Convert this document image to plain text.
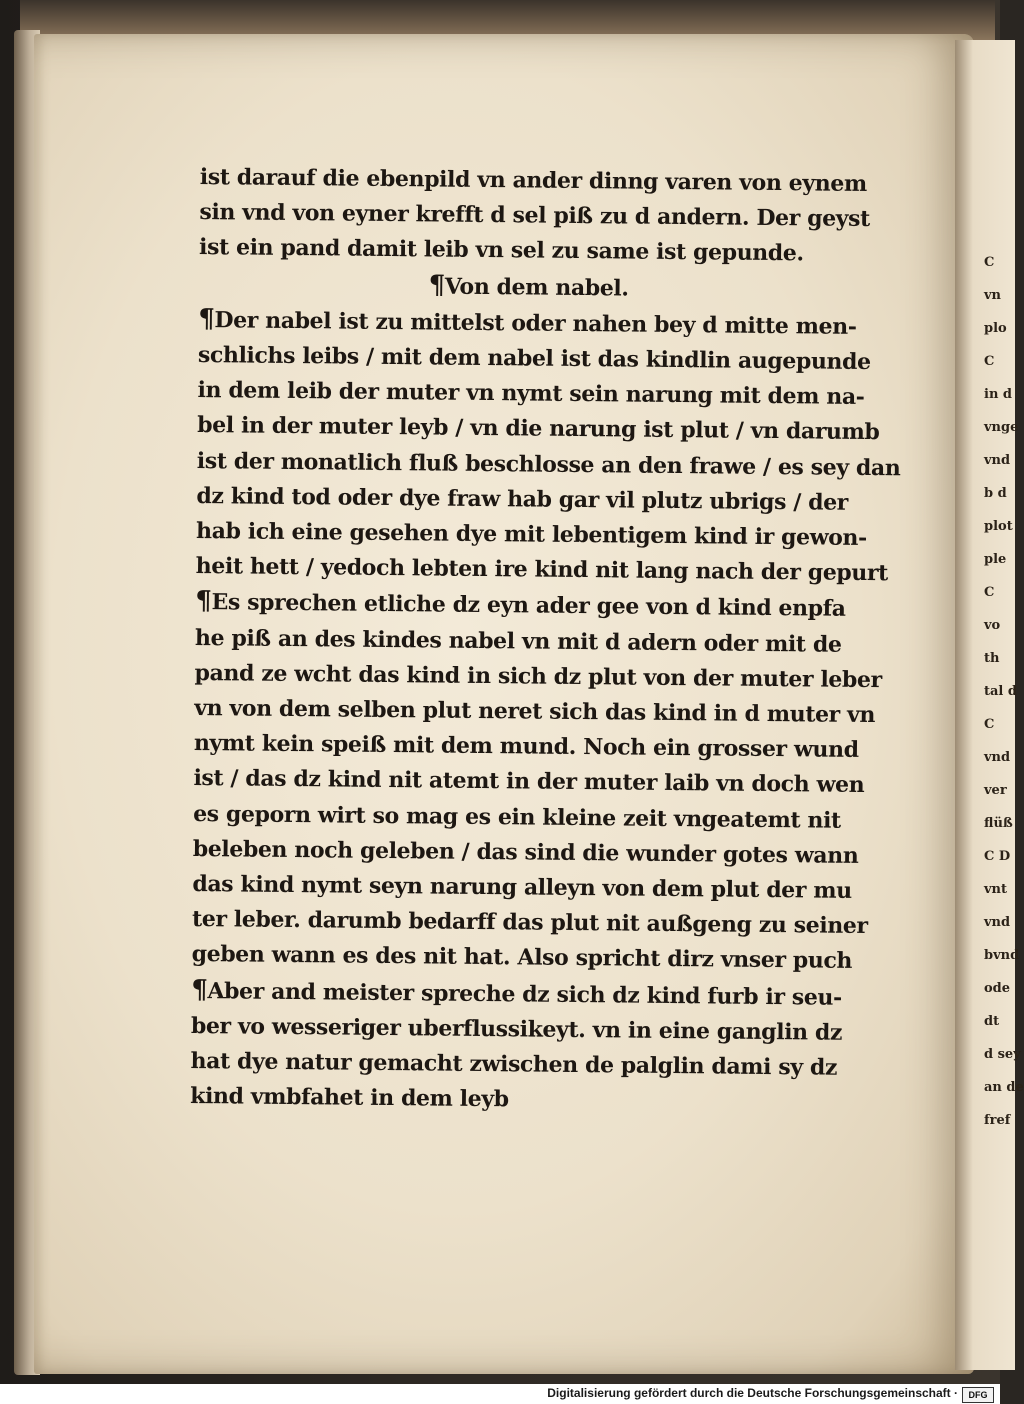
C
vn
plo
C
in d
vnge
vnd
b d
plot
ple
C
vo
th
tal d
C
vnd
ver
flüß
C D
vnt
vnd
bvnd
ode
dt
d sey
an de
fref
ist darauf die ebenpild vn ander dinng varen von eynem
sin vnd von eyner krefft d sel piß zu d andern. Der geyst
ist ein pand damit leib vn sel zu same ist gepunde.
¶Von dem nabel.
¶Der nabel ist zu mittelst oder nahen bey d mitte men-
schlichs leibs / mit dem nabel ist das kindlin augepunde
in dem leib der muter vn nymt sein narung mit dem na-
bel in der muter leyb / vn die narung ist plut / vn darumb
ist der monatlich fluß beschlosse an den frawe / es sey dan
dz kind tod oder dye fraw hab gar vil plutz ubrigs / der
hab ich eine gesehen dye mit lebentigem kind ir gewon-
heit hett / yedoch lebten ire kind nit lang nach der gepurt
¶Es sprechen etliche dz eyn ader gee von d kind enpfa
he piß an des kindes nabel vn mit d adern oder mit de
pand ze wcht das kind in sich dz plut von der muter leber
vn von dem selben plut neret sich das kind in d muter vn
nymt kein speiß mit dem mund. Noch ein grosser wund
ist / das dz kind nit atemt in der muter laib vn doch wen
es geporn wirt so mag es ein kleine zeit vngeatemt nit
beleben noch geleben / das sind die wunder gotes wann
das kind nymt seyn narung alleyn von dem plut der mu
ter leber. darumb bedarff das plut nit außgeng zu seiner
geben wann es des nit hat. Also spricht dirz vnser puch
¶Aber and meister spreche dz sich dz kind furb ir seu-
ber vo wesseriger uberflussikeyt. vn in eine ganglin dz
hat dye natur gemacht zwischen de palglin dami sy dz
kind vmbfahet in dem leyb
Digitalisierung gefördert durch die Deutsche Forschungsgemeinschaft ·	DFG
